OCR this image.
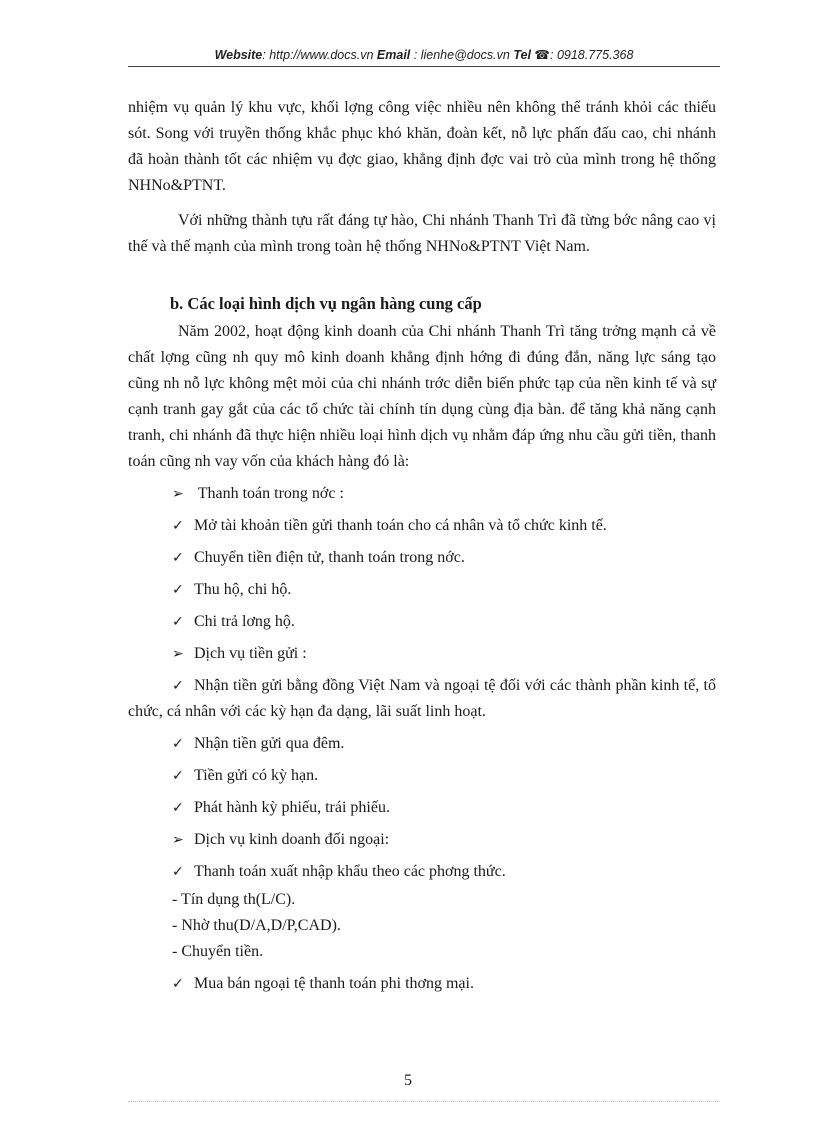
Website: http://www.docs.vn Email : lienhe@docs.vn Tel ☎: 0918.775.368

nhiệm vụ quản lý khu vực, khối lợng công việc nhiều nên không thể tránh khỏi các thiếu sót. Song với truyền thống khắc phục khó khăn, đoàn kết, nỗ lực phấn đấu cao, chi nhánh đã hoàn thành tốt các nhiệm vụ đợc giao, khẳng định đợc vai trò của mình trong hệ thống NHNo&PTNT.

Với những thành tựu rất đáng tự hào, Chi nhánh Thanh Trì đã từng bớc nâng cao vị thế và thế mạnh của mình trong toàn hệ thống NHNo&PTNT Việt Nam.

b. Các loại hình dịch vụ ngân hàng cung cấp

Năm 2002, hoạt động kinh doanh của Chi nhánh Thanh Trì tăng trởng mạnh cả về chất lợng cũng nh quy mô kinh doanh khẳng định hớng đi đúng đắn, năng lực sáng tạo cũng nh nỗ lực không mệt mỏi của chi nhánh trớc diễn biến phức tạp của nền kinh tế và sự cạnh tranh gay gắt của các tổ chức tài chính tín dụng cùng địa bàn. để tăng khả năng cạnh tranh, chi nhánh đã thực hiện nhiều loại hình dịch vụ nhằm đáp ứng nhu cầu gửi tiền, thanh toán cũng nh vay vốn của khách hàng đó là:

➢ Thanh toán trong nớc :

✓ Mở tài khoản tiền gửi thanh toán cho cá nhân và tổ chức kinh tế.

✓ Chuyển tiền điện tử, thanh toán trong nớc.

✓ Thu hộ, chi hộ.

✓ Chi trả lơng hộ.

➢ Dịch vụ tiền gửi :

✓ Nhận tiền gửi bằng đồng Việt Nam và ngoại tệ đối với các thành phần kinh tế, tổ chức, cá nhân với các kỳ hạn đa dạng, lãi suất linh hoạt.

✓ Nhận tiền gửi qua đêm.

✓ Tiền gửi có kỳ hạn.

✓ Phát hành kỳ phiếu, trái phiếu.

➢ Dịch vụ kinh doanh đối ngoại:

✓ Thanh toán xuất nhập khẩu theo các phơng thức.

- Tín dụng th(L/C).

- Nhờ thu(D/A,D/P,CAD).

- Chuyển tiền.

✓ Mua bán ngoại tệ thanh toán phi thơng mại.

5
